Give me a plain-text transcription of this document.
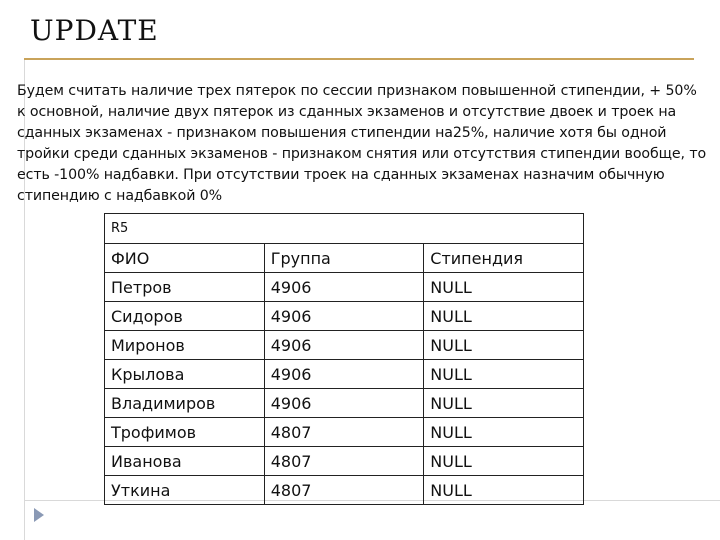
UPDATE

Будем считать наличие трех пятерок по сессии признаком повышенной стипендии, + 50% к основной, наличие двух пятерок из сданных экзаменов и отсутствие двоек и троек на сданных экзаменах - признаком повышения стипендии на25%, наличие хотя бы одной тройки среди сданных экзаменов - признаком снятия или отсутствия стипендии вообще, то есть -100% надбавки. При отсутствии троек на сданных экзаменах назначим обычную стипендию с надбавкой 0%

R5		
ФИО	Группа	Стипендия
Петров	4906	NULL
Сидоров	4906	NULL
Миронов	4906	NULL
Крылова	4906	NULL
Владимиров	4906	NULL
Трофимов	4807	NULL
Иванова	4807	NULL
Уткина	4807	NULL
